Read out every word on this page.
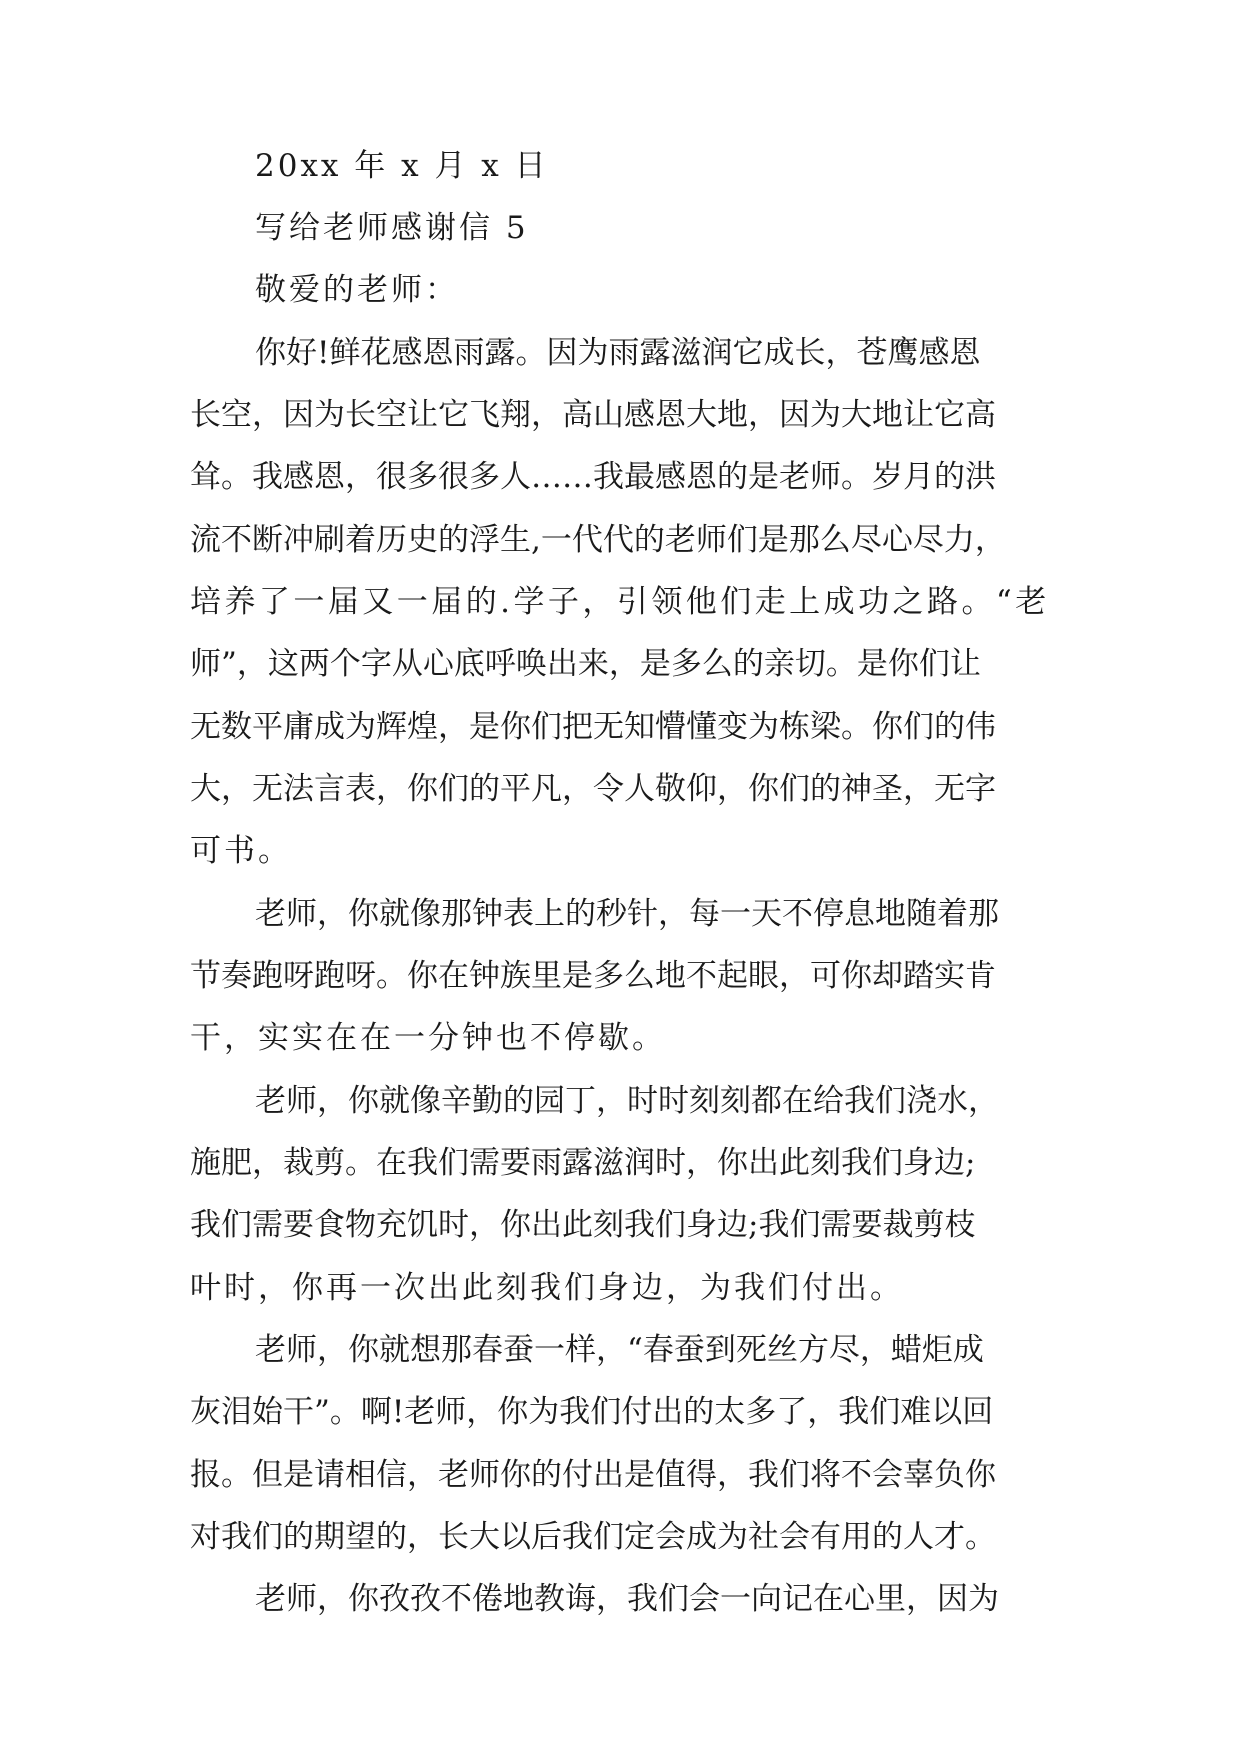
20xx 年 x 月 x 日
写给老师感谢信 5
敬爱的老师：
你好!鲜花感恩雨露。因为雨露滋润它成长，苍鹰感恩
长空，因为长空让它飞翔，高山感恩大地，因为大地让它高
耸。我感恩，很多很多人……我最感恩的是老师。岁月的洪
流不断冲刷着历史的浮生,一代代的老师们是那么尽心尽力，
培养了一届又一届的.学子，引领他们走上成功之路。“老
师”，这两个字从心底呼唤出来，是多么的亲切。是你们让
无数平庸成为辉煌，是你们把无知懵懂变为栋梁。你们的伟
大，无法言表，你们的平凡，令人敬仰，你们的神圣，无字
可书。
老师，你就像那钟表上的秒针，每一天不停息地随着那
节奏跑呀跑呀。你在钟族里是多么地不起眼，可你却踏实肯
干，实实在在一分钟也不停歇。
老师，你就像辛勤的园丁，时时刻刻都在给我们浇水，
施肥，裁剪。在我们需要雨露滋润时，你出此刻我们身边;
我们需要食物充饥时，你出此刻我们身边;我们需要裁剪枝
叶时，你再一次出此刻我们身边，为我们付出。
老师，你就想那春蚕一样，“春蚕到死丝方尽，蜡炬成
灰泪始干”。啊!老师，你为我们付出的太多了，我们难以回
报。但是请相信，老师你的付出是值得，我们将不会辜负你
对我们的期望的，长大以后我们定会成为社会有用的人才。
老师，你孜孜不倦地教诲，我们会一向记在心里，因为
